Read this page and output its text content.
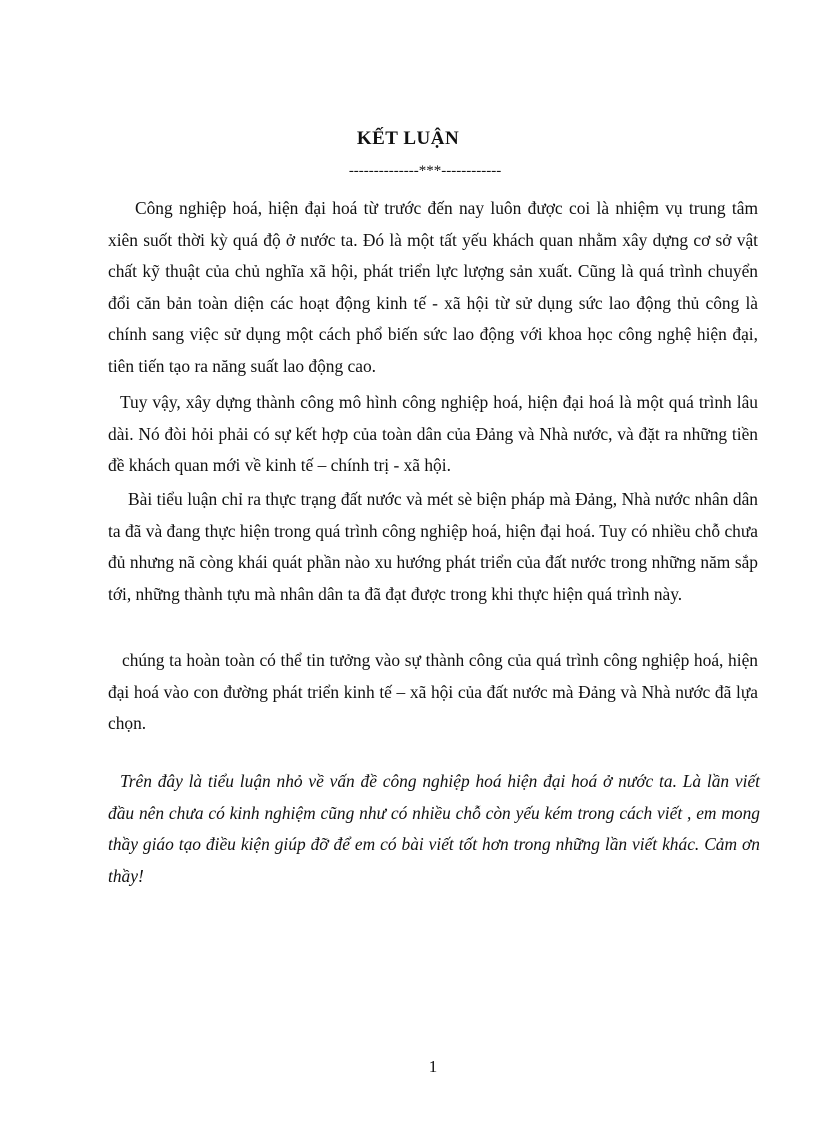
KẾT LUẬN
--------------***------------

Công nghiệp hoá, hiện đại hoá từ trước đến nay luôn được coi là nhiệm vụ trung tâm xiên suốt thời kỳ quá độ ở nước ta. Đó là một tất yếu khách quan nhằm xây dựng cơ sở vật chất kỹ thuật của chủ nghĩa xã hội, phát triển lực lượng sản xuất. Cũng là quá trình chuyển đổi căn bản toàn diện các hoạt động kinh tế - xã hội từ sử dụng sức lao động thủ công là chính sang việc sử dụng một cách phổ biến sức lao động với khoa học công nghệ hiện đại, tiên tiến tạo ra năng suất lao động cao.

Tuy vậy, xây dựng thành công mô hình công nghiệp hoá, hiện đại hoá là một quá trình lâu dài. Nó đòi hỏi phải có sự kết hợp của toàn dân của Đảng và Nhà nước, và đặt ra những tiền đề khách quan mới về kinh tế – chính trị - xã hội.

Bài tiểu luận chỉ ra thực trạng đất nước và mét sè biện pháp mà Đảng, Nhà nước nhân dân ta đã và đang thực hiện trong quá trình công nghiệp hoá, hiện đại hoá. Tuy có nhiều chỗ chưa đủ nhưng nã còng khái quát phần nào xu hướng phát triển của đất nước trong những năm sắp tới, những thành tựu mà nhân dân ta đã đạt được trong khi thực hiện quá trình này.

chúng ta hoàn toàn có thể tin tưởng vào sự thành công của quá trình công nghiệp hoá, hiện đại hoá vào con đường phát triển kinh tế – xã hội của đất nước mà Đảng và Nhà nước đã lựa chọn.

Trên đây là tiểu luận nhỏ về vấn đề công nghiệp hoá hiện đại hoá ở nước ta. Là lần viết đầu nên chưa có kinh nghiệm cũng như có nhiều chỗ còn yếu kém trong cách viết , em mong thầy giáo tạo điều kiện giúp đỡ để em có bài viết tốt hơn trong những lần viết khác. Cảm ơn thầy!

1
